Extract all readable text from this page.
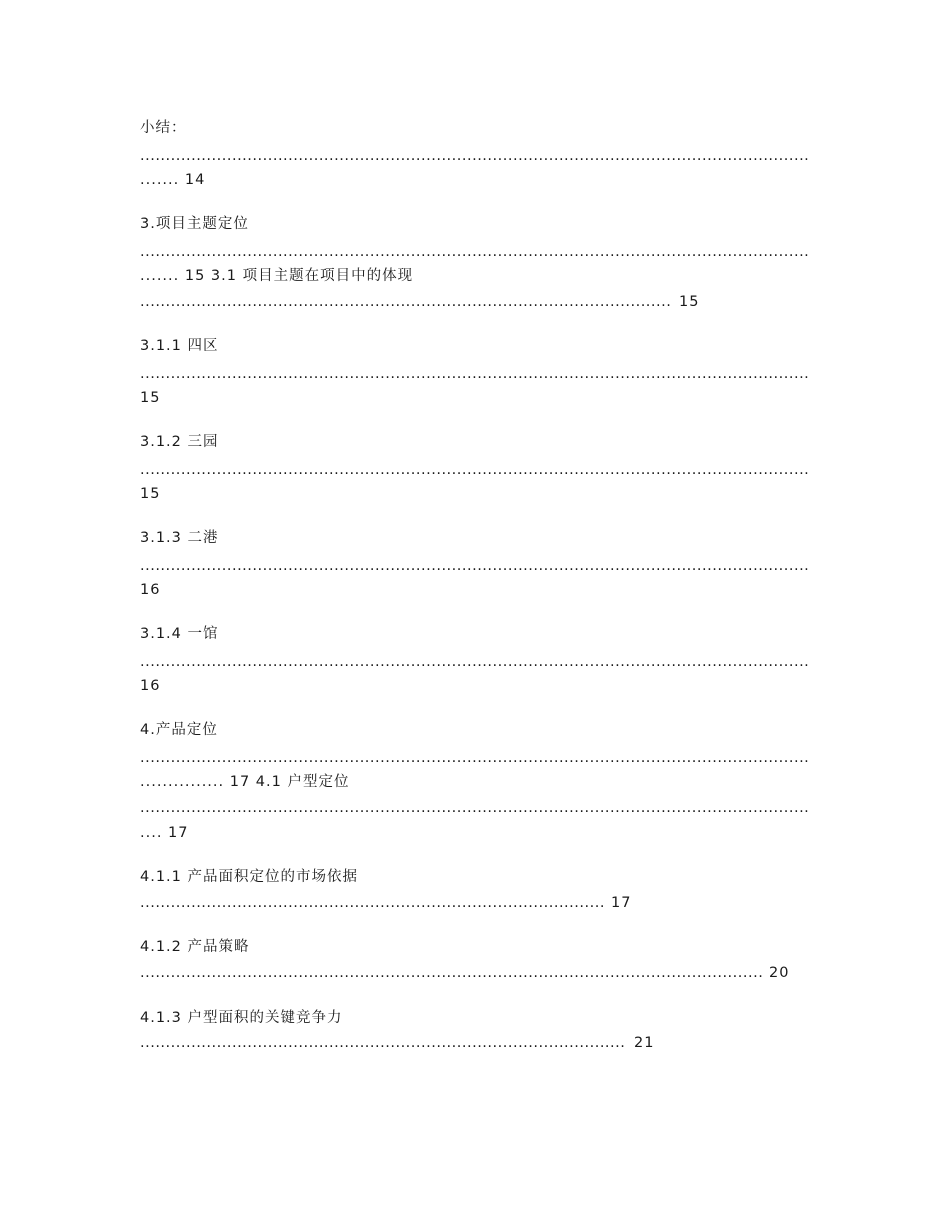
小结：
.....
....... 14
3.项目主题定位
.....
....... 15 3.1 项目主题在项目中的体现
.....
15
3.1.1 四区
.....
15
3.1.2 三园
.....
15
3.1.3 二港
.....
16
3.1.4 一馆
.....
16
4.产品定位
.....
............... 17 4.1 户型定位
.....
.... 17
4.1.1 产品面积定位的市场依据
.....
17
4.1.2 产品策略
.....
20
4.1.3 户型面积的关键竞争力
.....
21
